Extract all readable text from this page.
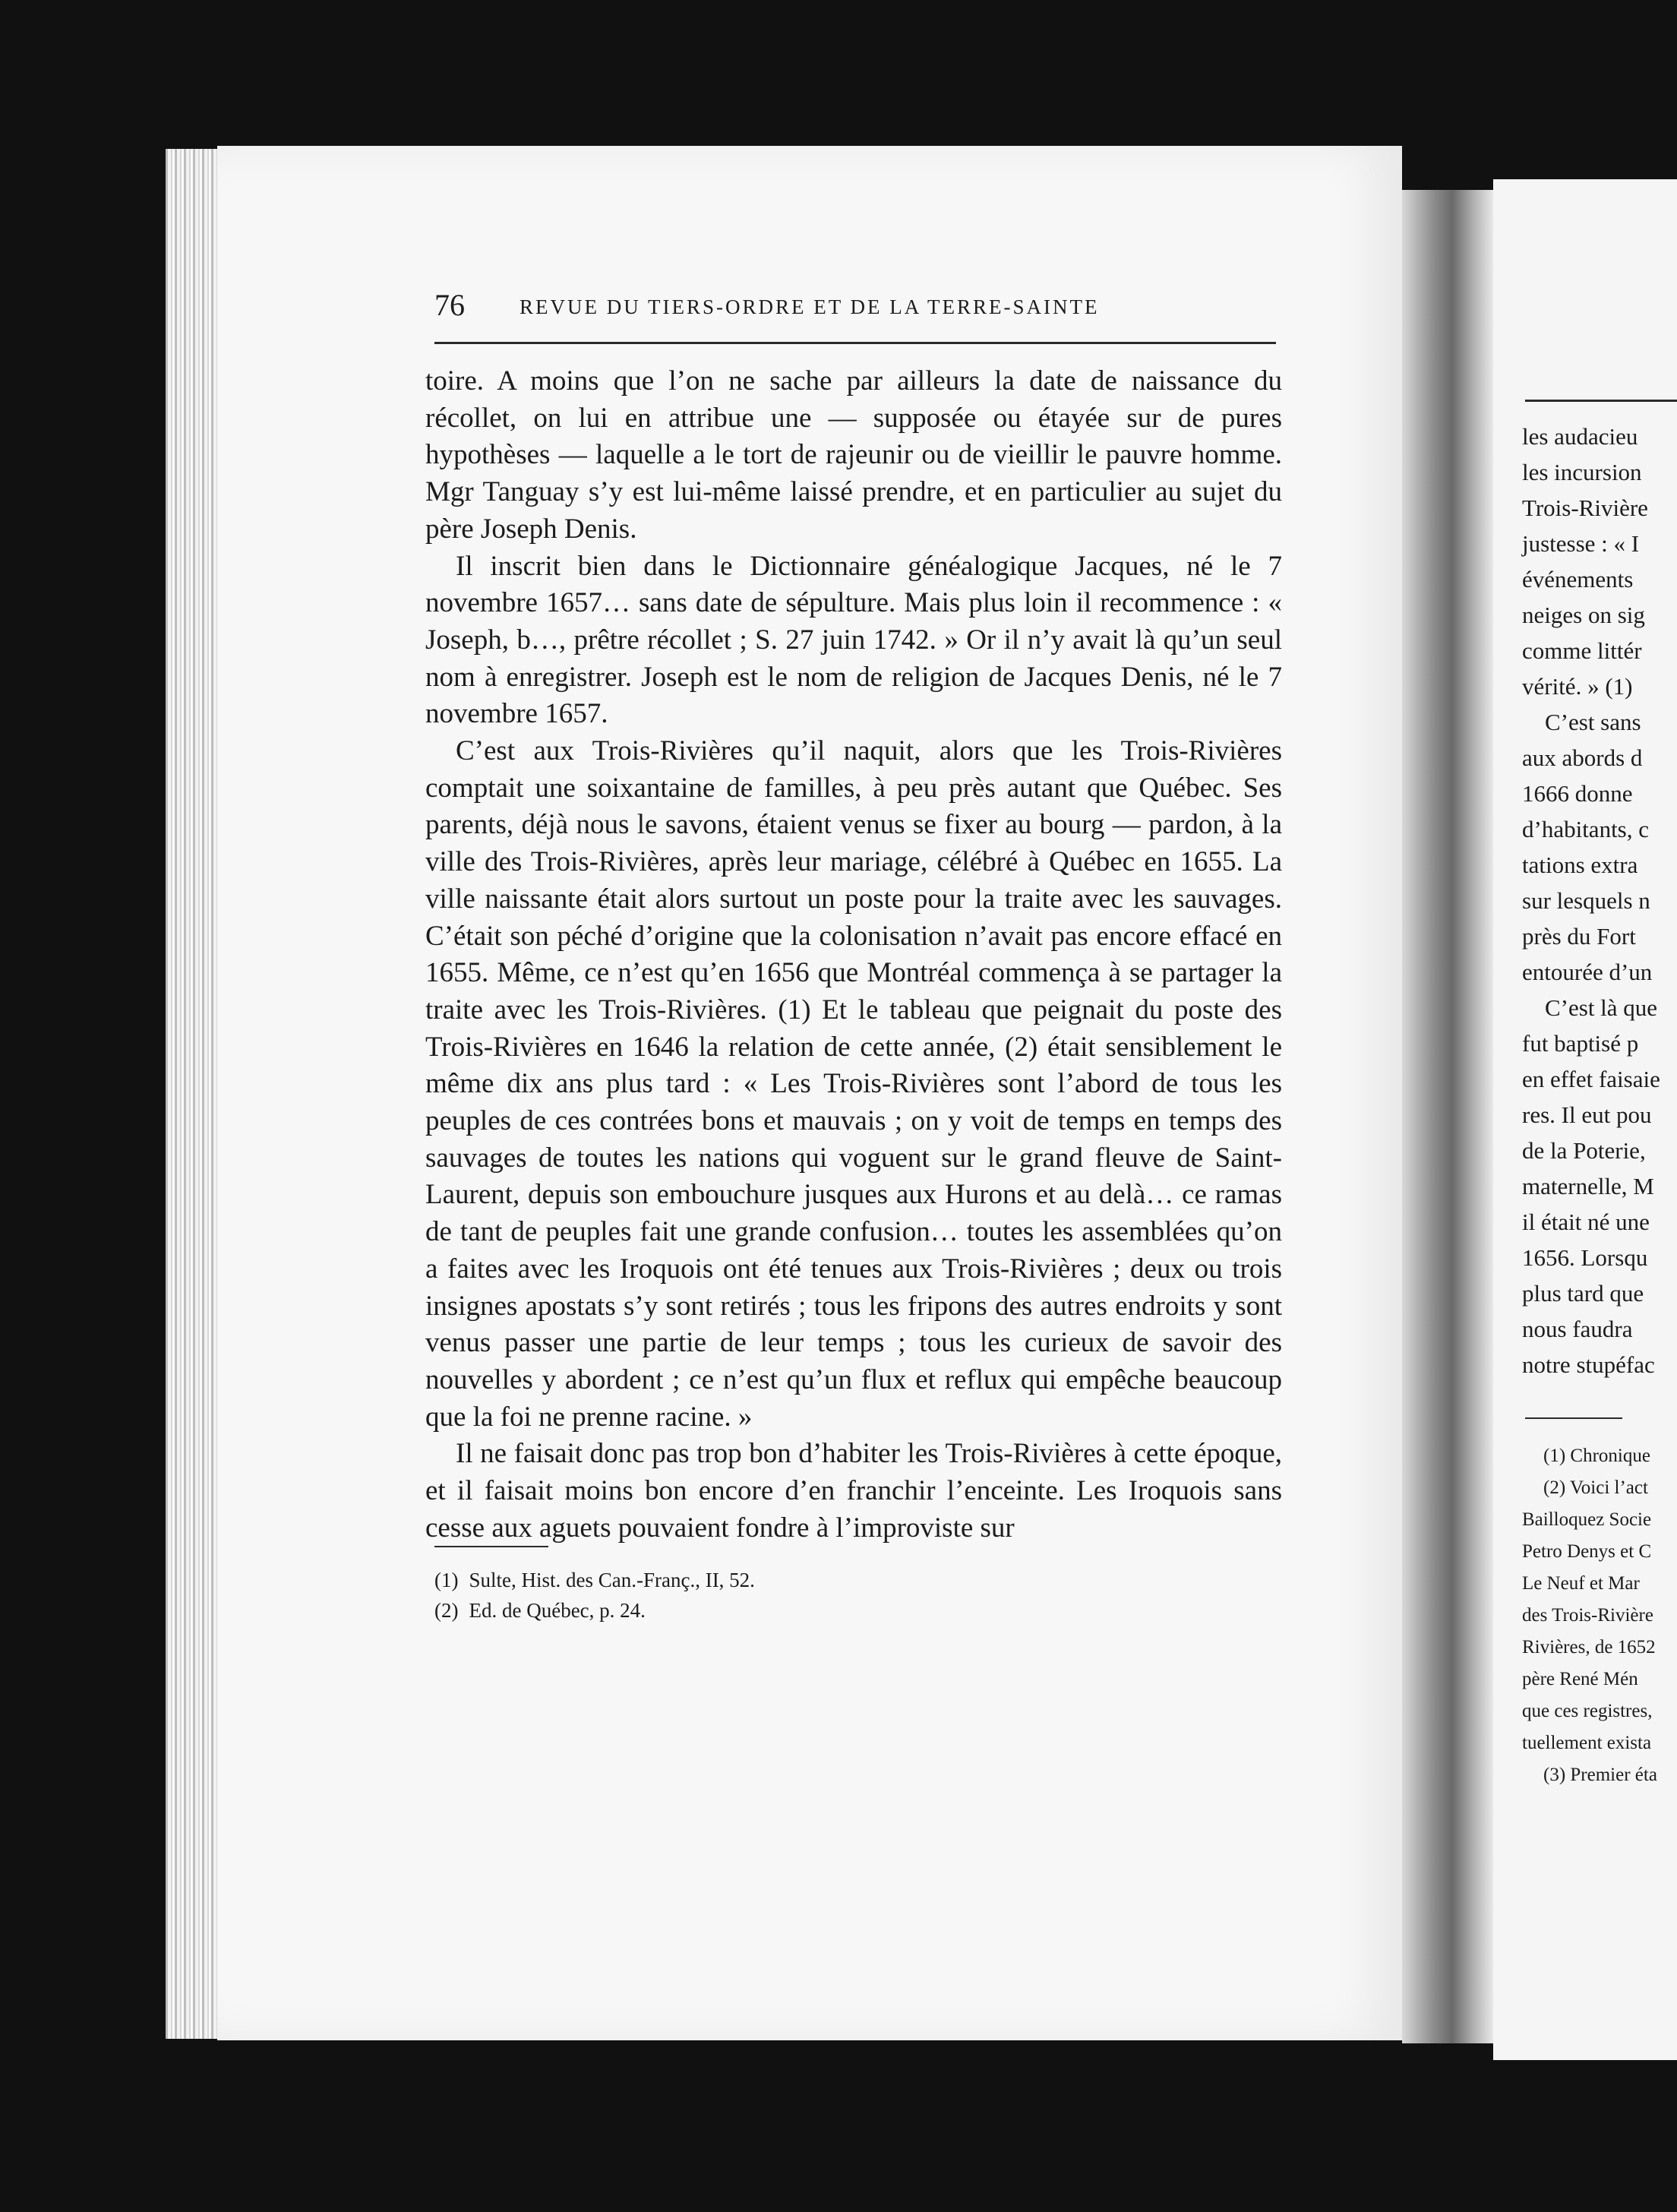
76	REVUE DU TIERS-ORDRE ET DE LA TERRE-SAINTE

toire. A moins que l’on ne sache par ailleurs la date de naissance du récollet, on lui en attribue une — supposée ou étayée sur de pures hypothèses — laquelle a le tort de rajeunir ou de vieillir le pauvre homme. Mgr Tanguay s’y est lui-même laissé prendre, et en particulier au sujet du père Joseph Denis.

Il inscrit bien dans le Dictionnaire généalogique Jacques, né le 7 novembre 1657… sans date de sépulture. Mais plus loin il recommence : « Joseph, b…, prêtre récollet ; S. 27 juin 1742. » Or il n’y avait là qu’un seul nom à enregistrer. Joseph est le nom de religion de Jacques Denis, né le 7 novembre 1657.

C’est aux Trois-Rivières qu’il naquit, alors que les Trois-Rivières comptait une soixantaine de familles, à peu près autant que Québec. Ses parents, déjà nous le savons, étaient venus se fixer au bourg — pardon, à la ville des Trois-Rivières, après leur mariage, célébré à Québec en 1655. La ville naissante était alors surtout un poste pour la traite avec les sauvages. C’était son péché d’origine que la colonisation n’avait pas encore effacé en 1655. Même, ce n’est qu’en 1656 que Montréal commença à se partager la traite avec les Trois-Rivières. (1) Et le tableau que peignait du poste des Trois-Rivières en 1646 la relation de cette année, (2) était sensiblement le même dix ans plus tard : « Les Trois-Rivières sont l’abord de tous les peuples de ces contrées bons et mauvais ; on y voit de temps en temps des sauvages de toutes les nations qui voguent sur le grand fleuve de Saint-Laurent, depuis son embouchure jusques aux Hurons et au delà… ce ramas de tant de peuples fait une grande confusion… toutes les assemblées qu’on a faites avec les Iroquois ont été tenues aux Trois-Rivières ; deux ou trois insignes apostats s’y sont retirés ; tous les fripons des autres endroits y sont venus passer une partie de leur temps ; tous les curieux de savoir des nouvelles y abordent ; ce n’est qu’un flux et reflux qui empêche beaucoup que la foi ne prenne racine. »

Il ne faisait donc pas trop bon d’habiter les Trois-Rivières à cette époque, et il faisait moins bon encore d’en franchir l’enceinte. Les Iroquois sans cesse aux aguets pouvaient fondre à l’improviste sur

(1) Sulte, Hist. des Can.-Franç., II, 52.
(2) Ed. de Québec, p. 24.
les audacieu
les incursion
Trois-Rivière
justesse : « I
événements
neiges on sig
comme littér
vérité. » (1)
C’est sans
aux abords d
1666 donne
d’habitants, c
tations extra
sur lesquels n
près du Fort
entourée d’un
C’est là que
fut baptisé p
en effet faisaie
res. Il eut pou
de la Poterie,
maternelle, M
il était né une
1656. Lorsqu
plus tard que
nous faudra
notre stupéfac
(1) Chronique
(2) Voici l’act
Bailloquez Socie
Petro Denys et C
Le Neuf et Mar
des Trois-Rivière
Rivières, de 1652
père René Mén
que ces registres,
tuellement exista
(3) Premier éta
